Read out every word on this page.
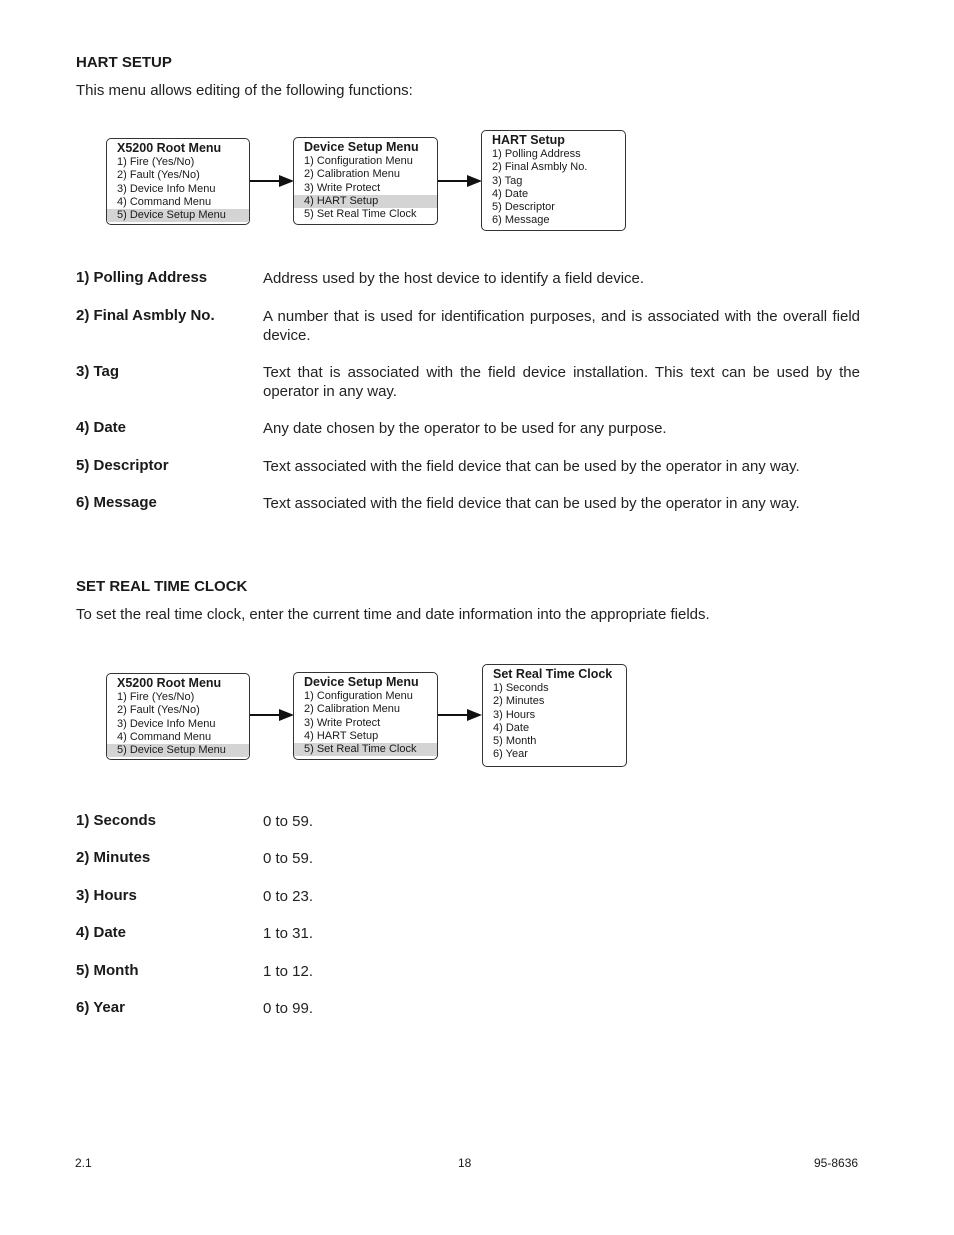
HART SETUP
This menu allows editing of the following functions:
X5200 Root Menu
1) Fire (Yes/No)
2) Fault (Yes/No)
3) Device Info Menu
4) Command Menu
5) Device Setup Menu
Device Setup Menu
1) Configuration Menu
2) Calibration Menu
3) Write Protect
4) HART Setup
5) Set Real Time Clock
HART Setup
1) Polling Address
2) Final Asmbly No.
3) Tag
4) Date
5) Descriptor
6) Message
1) Polling Address	Address used by the host device to identify a field device.
2) Final Asmbly No.	A number that is used for identification purposes, and is associated with the overall field device.
3) Tag	Text that is associated with the field device installation. This text can be used by the operator in any way.
4) Date	Any date chosen by the operator to be used for any purpose.
5) Descriptor	Text associated with the field device that can be used by the operator in any way.
6) Message	Text associated with the field device that can be used by the operator in any way.
SET REAL TIME CLOCK
To set the real time clock, enter the current time and date information into the appropriate fields.
X5200 Root Menu
1) Fire (Yes/No)
2) Fault (Yes/No)
3) Device Info Menu
4) Command Menu
5) Device Setup Menu
Device Setup Menu
1) Configuration Menu
2) Calibration Menu
3) Write Protect
4) HART Setup
5) Set Real Time Clock
Set Real Time Clock
1) Seconds
2) Minutes
3) Hours
4) Date
5) Month
6) Year
1) Seconds	0 to 59.
2) Minutes	0 to 59.
3) Hours	0 to 23.
4) Date	1 to 31.
5) Month	1 to 12.
6) Year	0 to 99.
2.1	18	95-8636
